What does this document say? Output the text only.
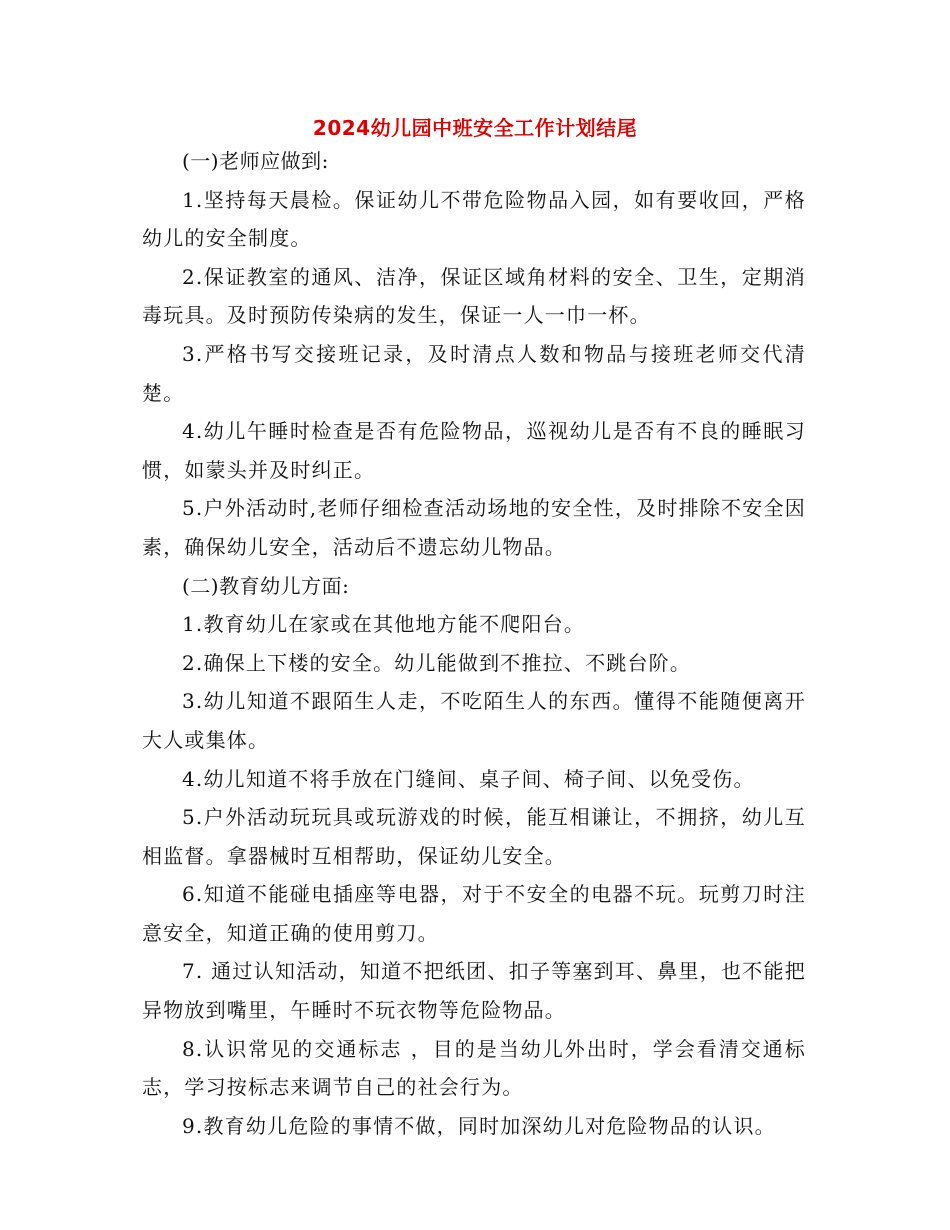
2024幼儿园中班安全工作计划结尾

(一)老师应做到:

1.坚持每天晨检。保证幼儿不带危险物品入园，如有要收回，严格幼儿的安全制度。

2.保证教室的通风、洁净，保证区域角材料的安全、卫生，定期消毒玩具。及时预防传染病的发生，保证一人一巾一杯。

3.严格书写交接班记录，及时清点人数和物品与接班老师交代清楚。

4.幼儿午睡时检查是否有危险物品，巡视幼儿是否有不良的睡眠习惯，如蒙头并及时纠正。

5.户外活动时,老师仔细检查活动场地的安全性，及时排除不安全因素，确保幼儿安全，活动后不遗忘幼儿物品。

(二)教育幼儿方面:

1.教育幼儿在家或在其他地方能不爬阳台。

2.确保上下楼的安全。幼儿能做到不推拉、不跳台阶。

3.幼儿知道不跟陌生人走，不吃陌生人的东西。懂得不能随便离开大人或集体。

4.幼儿知道不将手放在门缝间、桌子间、椅子间、以免受伤。

5.户外活动玩玩具或玩游戏的时候，能互相谦让，不拥挤，幼儿互相监督。拿器械时互相帮助，保证幼儿安全。

6.知道不能碰电插座等电器，对于不安全的电器不玩。玩剪刀时注意安全，知道正确的使用剪刀。

7. 通过认知活动，知道不把纸团、扣子等塞到耳、鼻里，也不能把异物放到嘴里，午睡时不玩衣物等危险物品。

8.认识常见的交通标志 ，目的是当幼儿外出时，学会看清交通标志，学习按标志来调节自己的社会行为。

9.教育幼儿危险的事情不做，同时加深幼儿对危险物品的认识。
